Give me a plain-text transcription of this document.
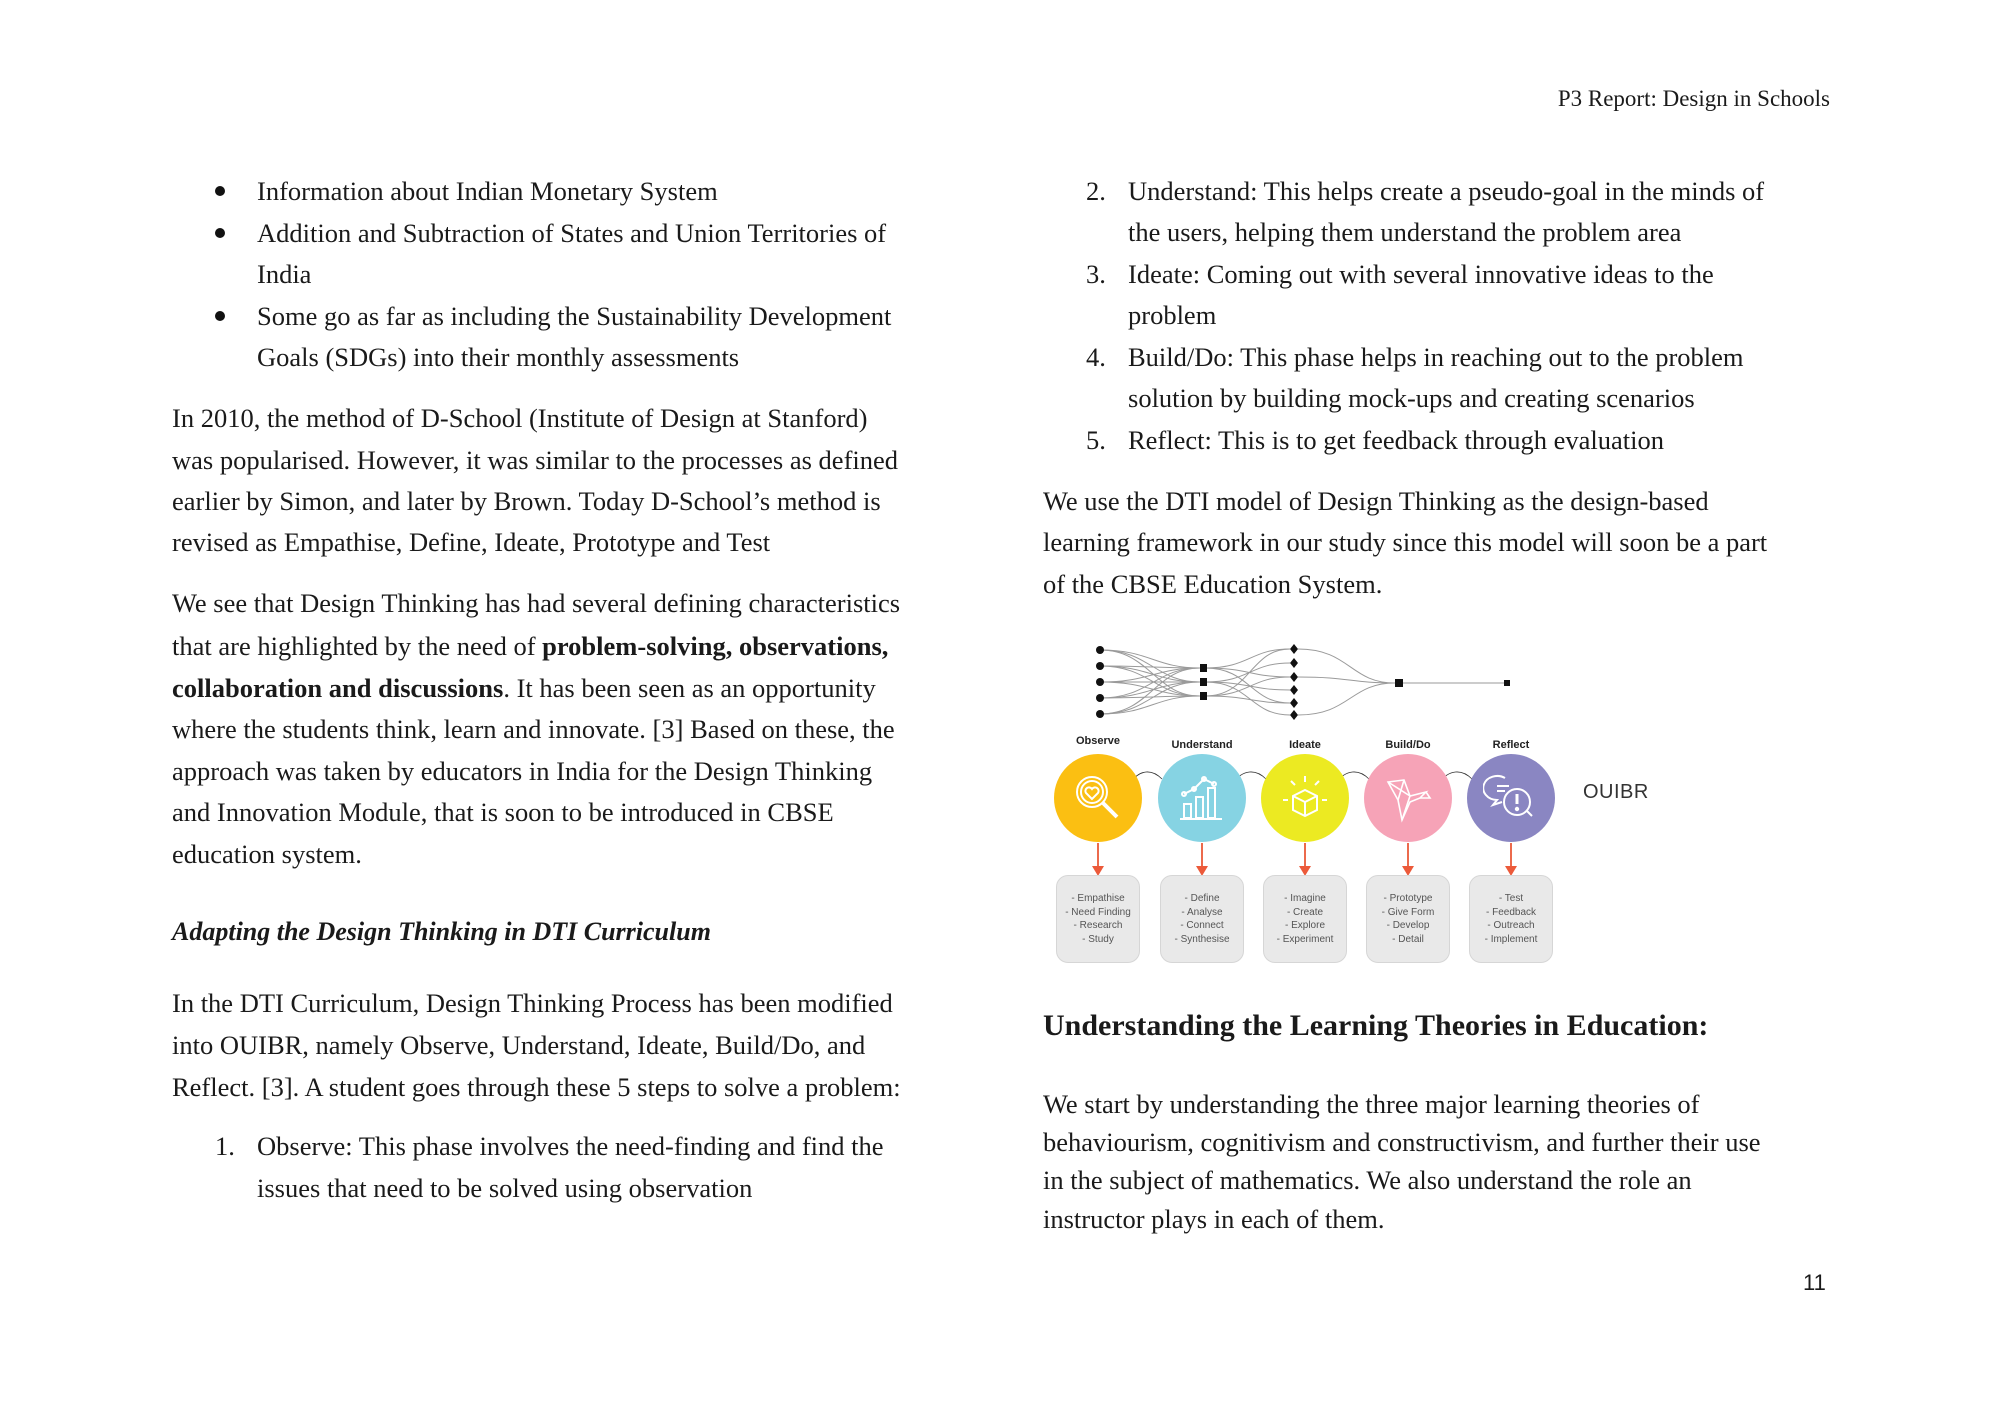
P3 Report: Design in Schools
Information about Indian Monetary System
Addition and Subtraction of States and Union Territories of
India
Some go as far as including the Sustainability Development
Goals (SDGs) into their monthly assessments
In 2010, the method of D-School (Institute of Design at Stanford)
was popularised. However, it was similar to the processes as defined
earlier by Simon, and later by Brown. Today D-School’s method is
revised as Empathise, Define, Ideate, Prototype and Test
We see that Design Thinking has had several defining characteristics
that are highlighted by the need of problem-solving, observations,
collaboration and discussions. It has been seen as an opportunity
where the students think, learn and innovate. [3] Based on these, the
approach was taken by educators in India for the Design Thinking
and Innovation Module, that is soon to be introduced in CBSE
education system.
Adapting the Design Thinking in DTI Curriculum
In the DTI Curriculum, Design Thinking Process has been modified
into OUIBR, namely Observe, Understand, Ideate, Build/Do, and
Reflect. [3]. A student goes through these 5 steps to solve a problem:
1. Observe: This phase involves the need-finding and find the
issues that need to be solved using observation
2. Understand: This helps create a pseudo-goal in the minds of
the users, helping them understand the problem area
3. Ideate: Coming out with several innovative ideas to the
problem
4. Build/Do: This phase helps in reaching out to the problem
solution by building mock-ups and creating scenarios
5. Reflect: This is to get feedback through evaluation
We use the DTI model of Design Thinking as the design-based
learning framework in our study since this model will soon be a part
of the CBSE Education System.
Observe	Understand	Ideate	Build/Do	Reflect
- Empathise
- Need Finding
- Research
- Study
- Define
- Analyse
- Connect
- Synthesise
- Imagine
- Create
- Explore
- Experiment
- Prototype
- Give Form
- Develop
- Detail
- Test
- Feedback
- Outreach
- Implement
OUIBR
Understanding the Learning Theories in Education:
We start by understanding the three major learning theories of
behaviourism, cognitivism and constructivism, and further their use
in the subject of mathematics. We also understand the role an
instructor plays in each of them.
11
